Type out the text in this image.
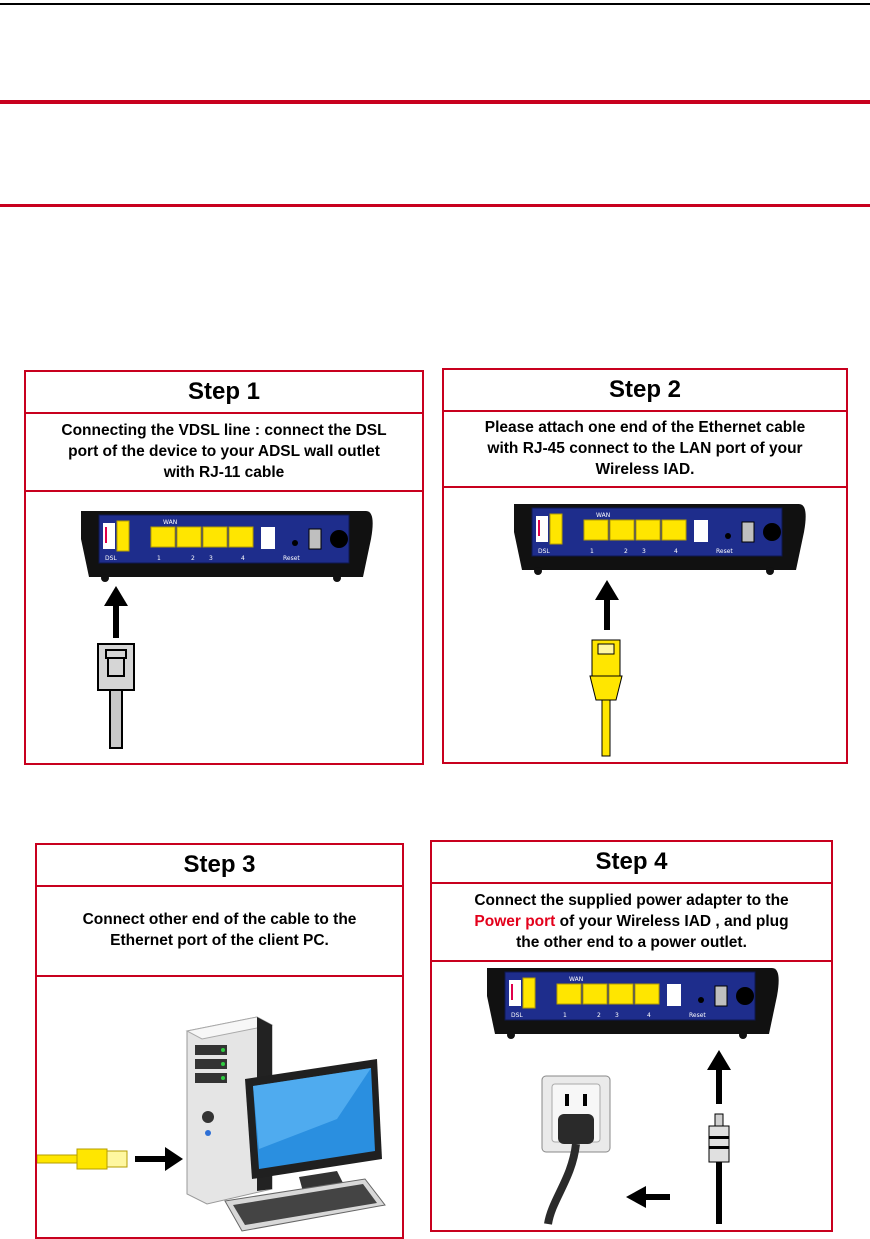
Step 1

Connecting the VDSL line : connect the DSL
port of the device to your ADSL wall outlet
with RJ-11 cable

WAN
DSL	1	2 3	4	Reset
Step 2

Please attach one end of the Ethernet cable
with RJ-45 connect to the LAN port of your
Wireless IAD.

WAN
DSL	1	2 3	4	Reset
Step 3

Connect other end of the cable to the
Ethernet port of the client PC.

Step 4

Connect the supplied power adapter to the
Power port of your Wireless IAD , and plug
the other end to a power outlet.

WAN
DSL	1	2 3	4	Reset
